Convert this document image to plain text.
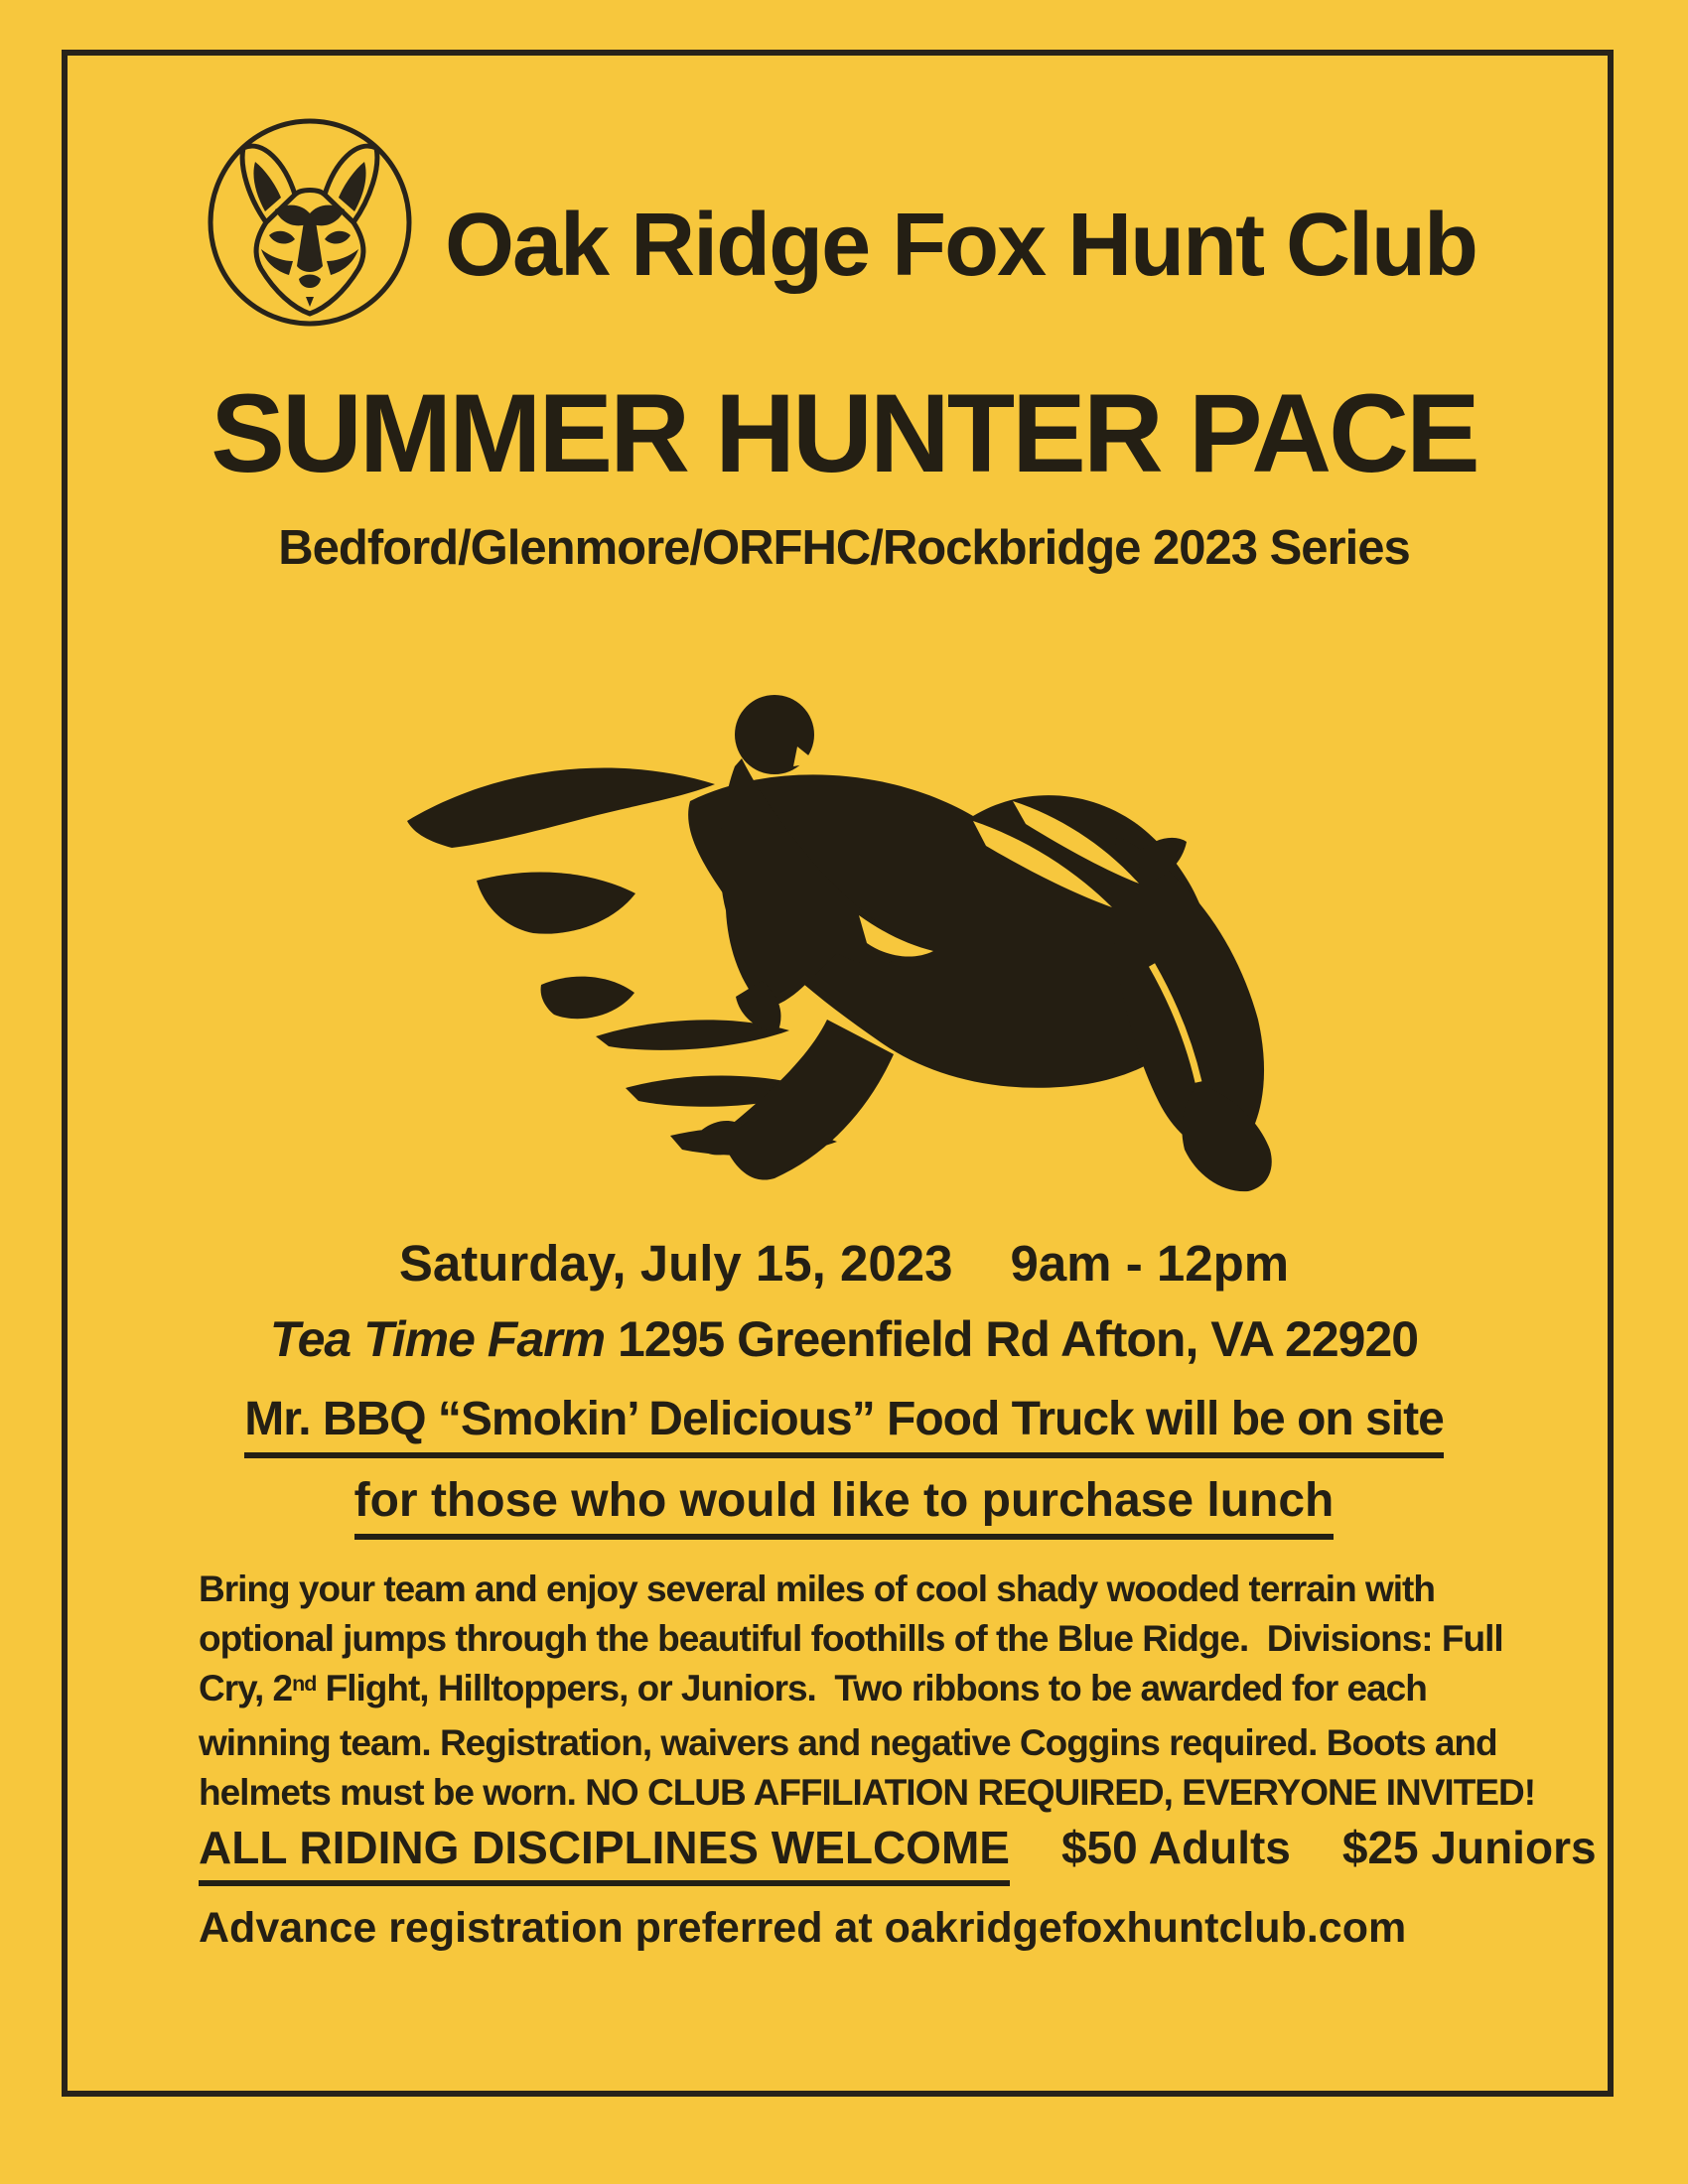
Oak Ridge Fox Hunt Club
SUMMER HUNTER PACE
Bedford/Glenmore/ORFHC/Rockbridge 2023 Series
Saturday, July 15, 2023 9am - 12pm
Tea Time Farm 1295 Greenfield Rd Afton, VA 22920
Mr. BBQ “Smokin’ Delicious” Food Truck will be on site
for those who would like to purchase lunch
Bring your team and enjoy several miles of cool shady wooded terrain with
optional jumps through the beautiful foothills of the Blue Ridge.  Divisions: Full
Cry, 2nd Flight, Hilltoppers, or Juniors.  Two ribbons to be awarded for each
winning team. Registration, waivers and negative Coggins required. Boots and
helmets must be worn. NO CLUB AFFILIATION REQUIRED, EVERYONE INVITED!
ALL RIDING DISCIPLINES WELCOME $50 Adults $25 Juniors
Advance registration preferred at oakridgefoxhuntclub.com
